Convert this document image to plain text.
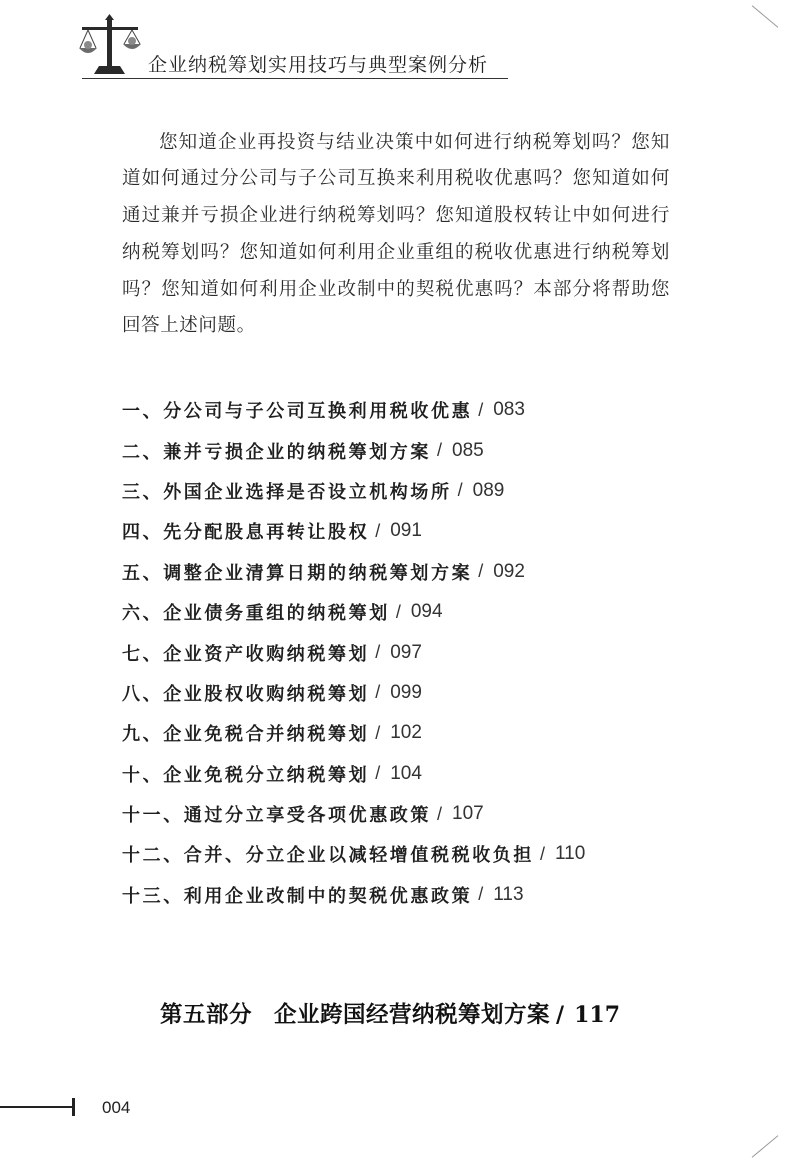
企业纳税筹划实用技巧与典型案例分析

您知道企业再投资与结业决策中如何进行纳税筹划吗？您知道如何通过分公司与子公司互换来利用税收优惠吗？您知道如何通过兼并亏损企业进行纳税筹划吗？您知道股权转让中如何进行纳税筹划吗？您知道如何利用企业重组的税收优惠进行纳税筹划吗？您知道如何利用企业改制中的契税优惠吗？本部分将帮助您回答上述问题。

一、分公司与子公司互换利用税收优惠 / 083
二、兼并亏损企业的纳税筹划方案 / 085
三、外国企业选择是否设立机构场所 / 089
四、先分配股息再转让股权 / 091
五、调整企业清算日期的纳税筹划方案 / 092
六、企业债务重组的纳税筹划 / 094
七、企业资产收购纳税筹划 / 097
八、企业股权收购纳税筹划 / 099
九、企业免税合并纳税筹划 / 102
十、企业免税分立纳税筹划 / 104
十一、通过分立享受各项优惠政策 / 107
十二、合并、分立企业以减轻增值税税收负担 / 110
十三、利用企业改制中的契税优惠政策 / 113
第五部分 企业跨国经营纳税筹划方案 / 117
004
